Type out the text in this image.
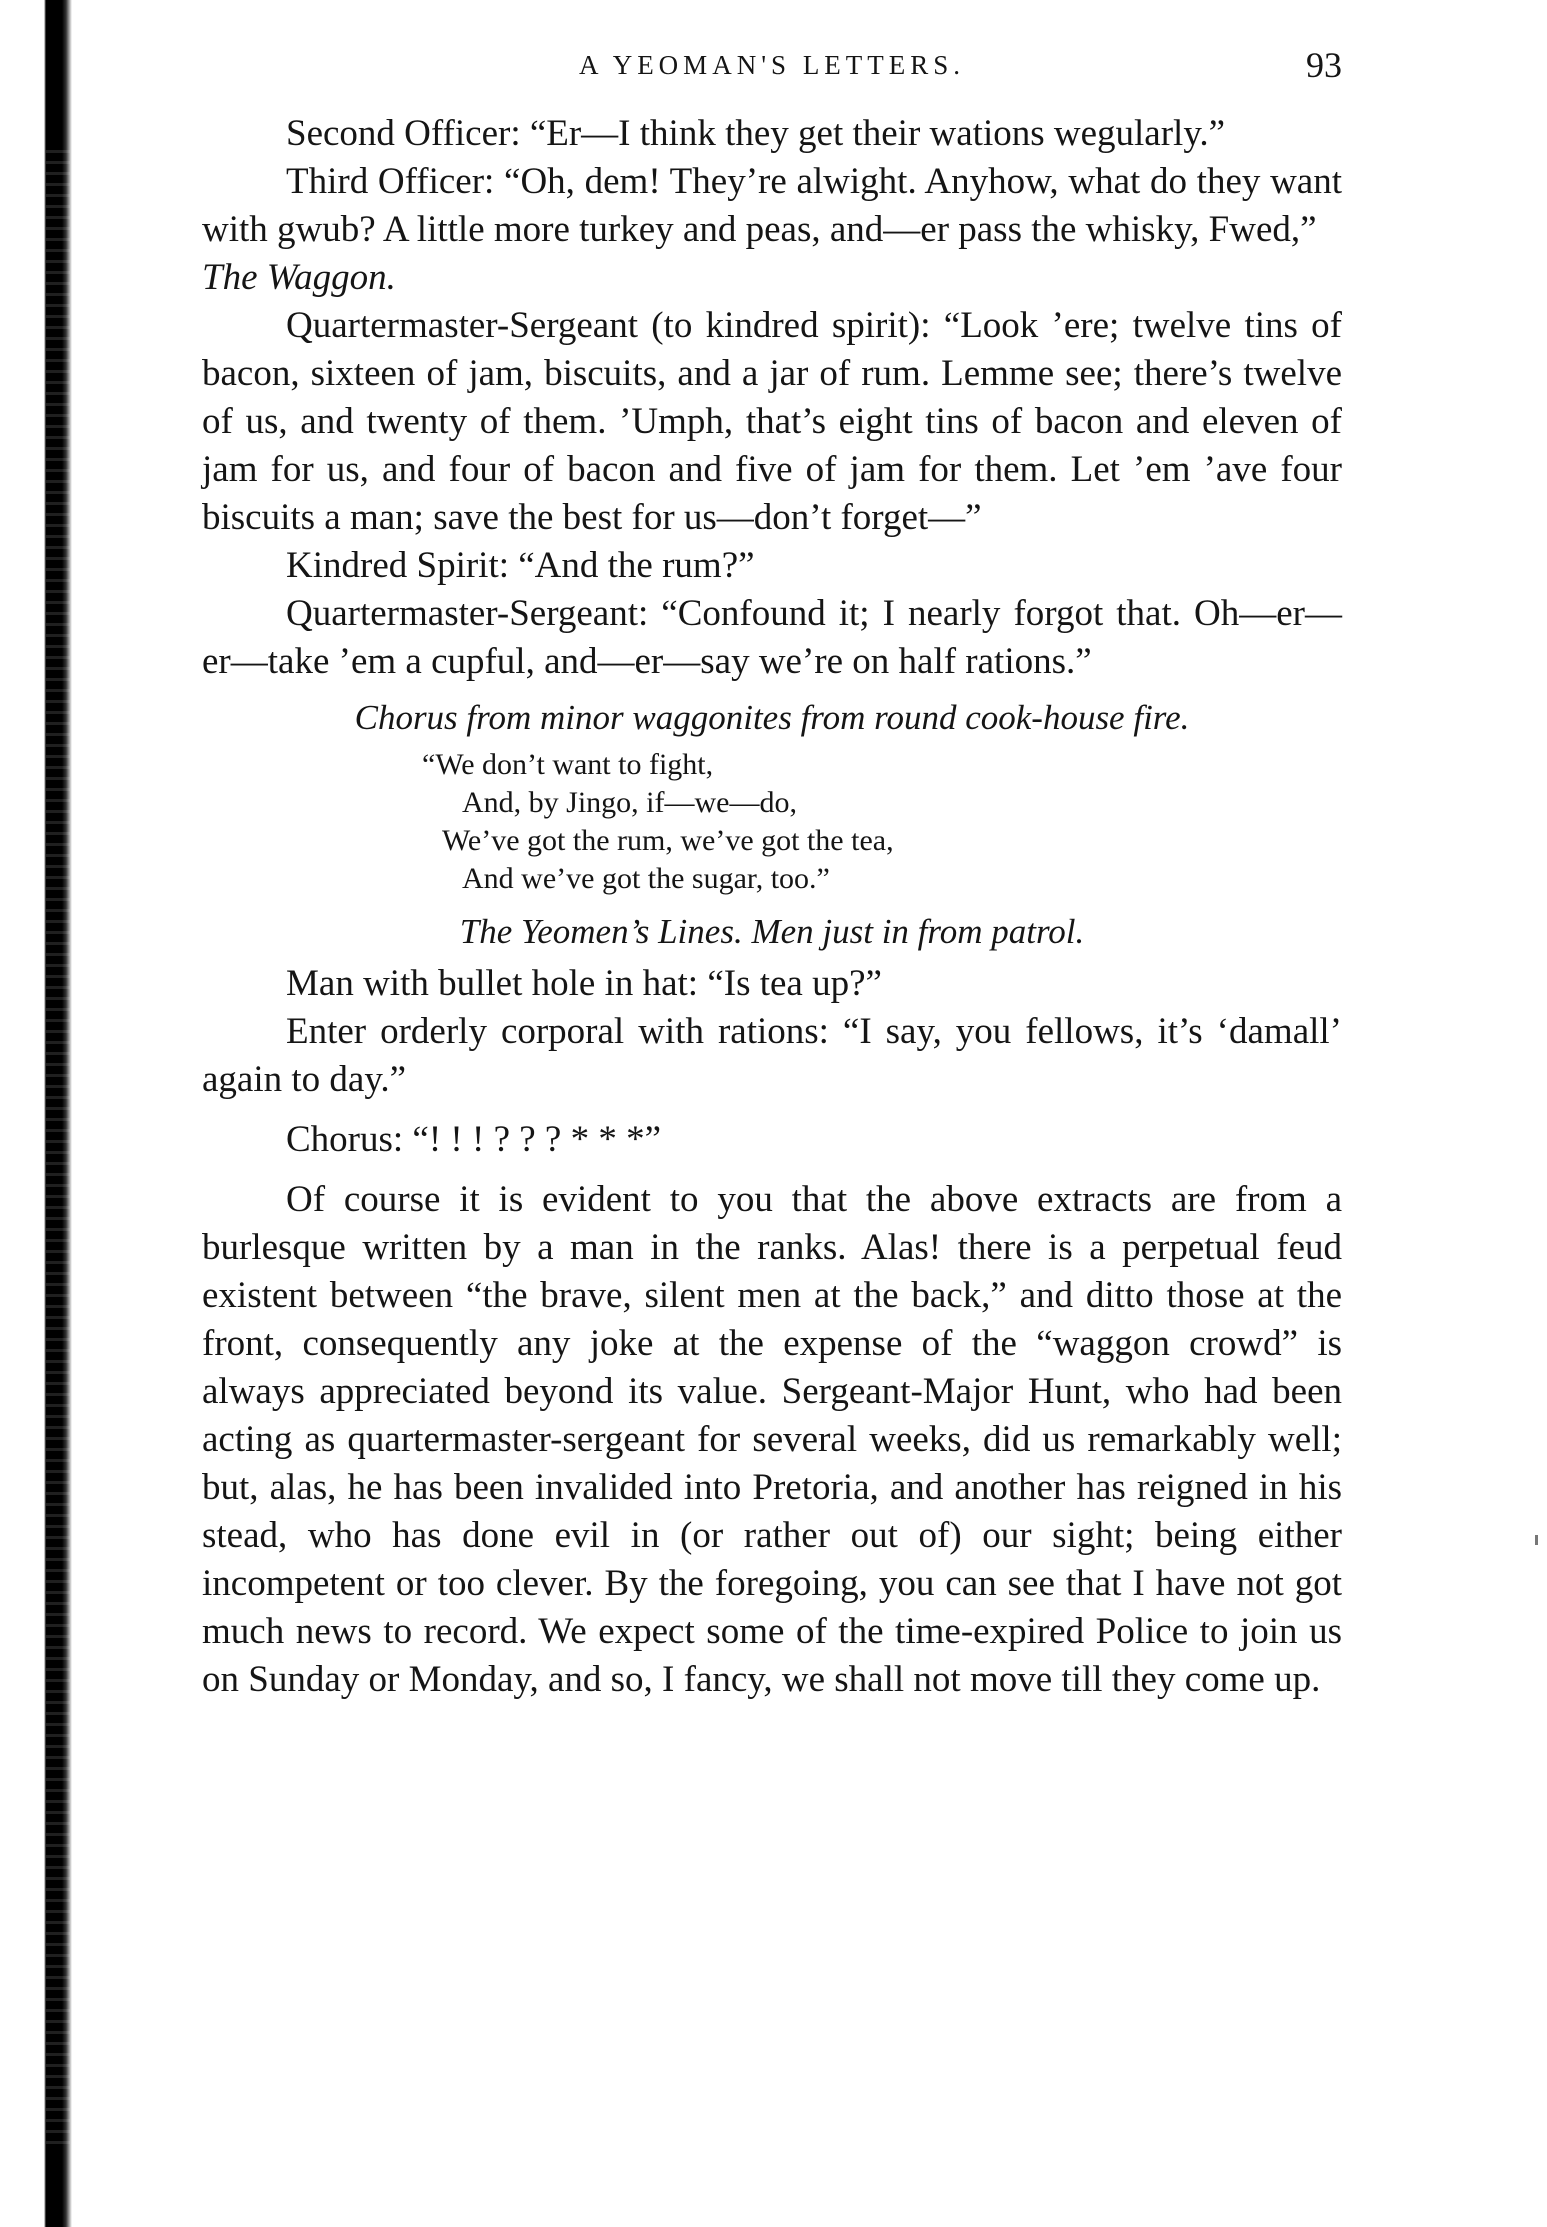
A YEOMAN'S LETTERS.	93

Second Officer: “Er—I think they get their wations wegularly.”

Third Officer: “Oh, dem! They’re alwight. Anyhow, what do they want with gwub? A little more turkey and peas, and—er pass the whisky, Fwed,”

The Waggon.

Quartermaster-Sergeant (to kindred spirit): “Look ’ere; twelve tins of bacon, sixteen of jam, biscuits, and a jar of rum. Lemme see; there’s twelve of us, and twenty of them. ’Umph, that’s eight tins of bacon and eleven of jam for us, and four of bacon and five of jam for them. Let ’em ’ave four biscuits a man; save the best for us—don’t forget—”

Kindred Spirit: “And the rum?”

Quartermaster-Sergeant: “Confound it; I nearly forgot that. Oh—er—er—take ’em a cupful, and—er—say we’re on half rations.”

Chorus from minor waggonites from round cook-house fire.

“We don’t want to fight,
And, by Jingo, if—we—do,
We’ve got the rum, we’ve got the tea,
And we’ve got the sugar, too.”

The Yeomen’s Lines. Men just in from patrol.

Man with bullet hole in hat: “Is tea up?”

Enter orderly corporal with rations: “I say, you fellows, it’s ‘damall’ again to day.”

Chorus: “! ! ! ? ? ? * * *”

Of course it is evident to you that the above extracts are from a burlesque written by a man in the ranks. Alas! there is a perpetual feud existent between “the brave, silent men at the back,” and ditto those at the front, consequently any joke at the expense of the “waggon crowd” is always appreciated beyond its value. Sergeant-Major Hunt, who had been acting as quartermaster-sergeant for several weeks, did us remarkably well; but, alas, he has been invalided into Pretoria, and another has reigned in his stead, who has done evil in (or rather out of) our sight; being either incompetent or too clever. By the foregoing, you can see that I have not got much news to record. We expect some of the time-expired Police to join us on Sunday or Monday, and so, I fancy, we shall not move till they come up.
